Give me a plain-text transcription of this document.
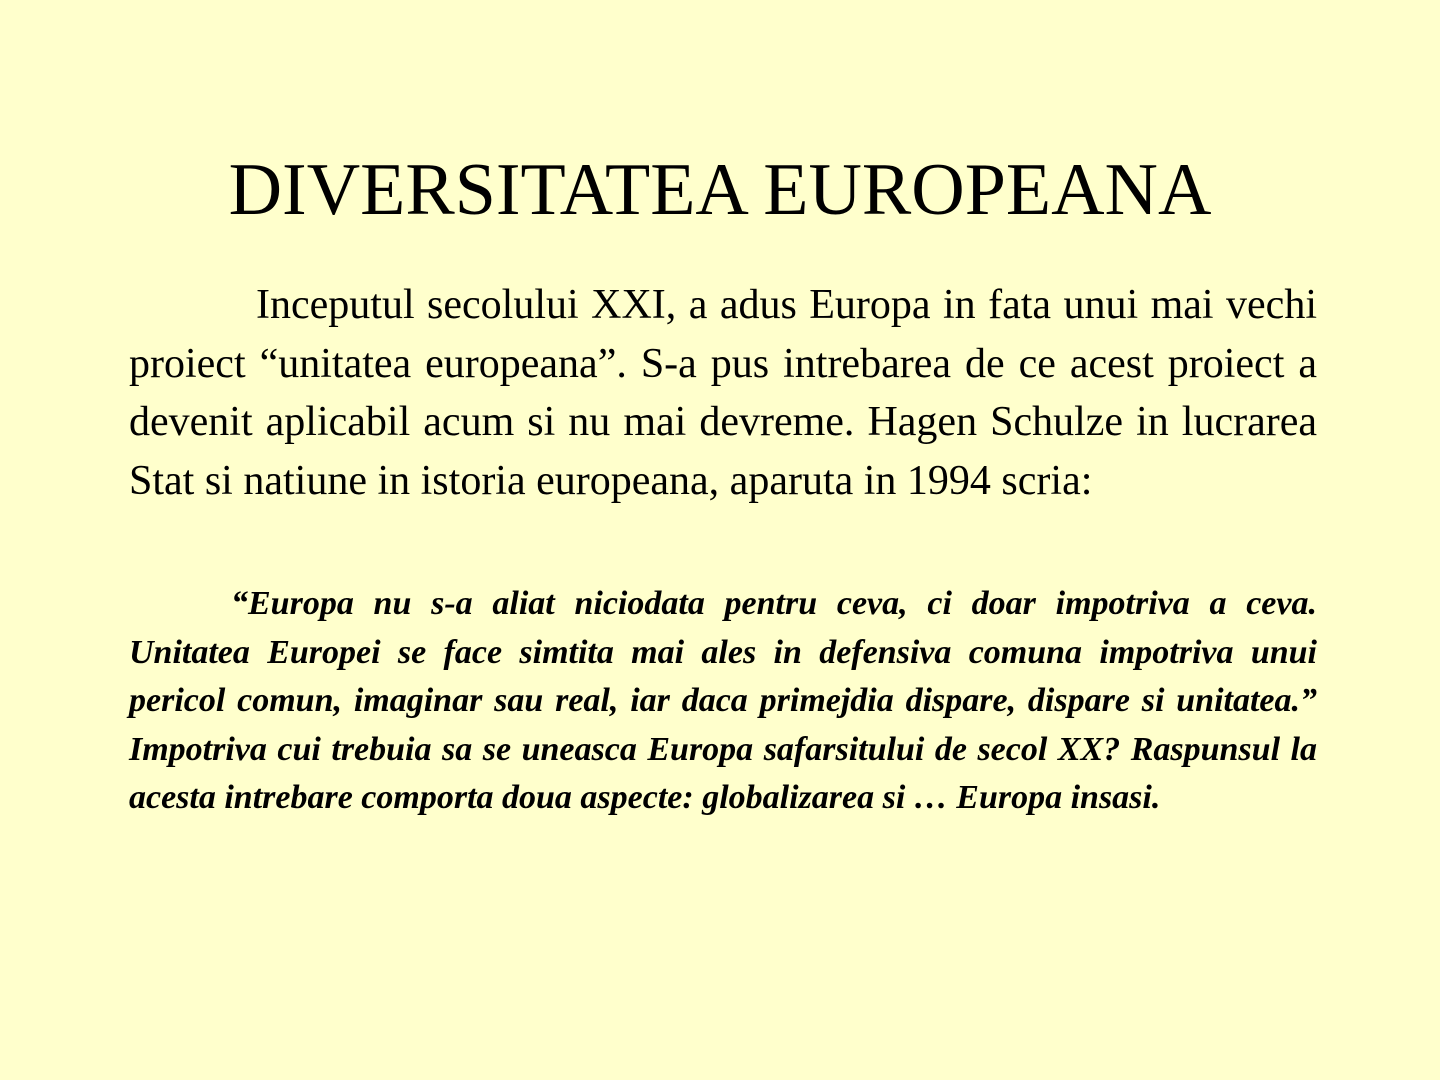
DIVERSITATEA EUROPEANA

Inceputul secolului XXI, a adus Europa in fata unui mai vechi proiect “unitatea europeana”. S-a pus intrebarea de ce acest proiect a devenit aplicabil acum si nu mai devreme. Hagen Schulze in lucrarea Stat si natiune in istoria europeana, aparuta in 1994 scria:

“Europa nu s-a aliat niciodata pentru ceva, ci doar impotriva a ceva. Unitatea Europei se face simtita mai ales in defensiva comuna impotriva unui pericol comun, imaginar sau real, iar daca primejdia dispare, dispare si unitatea.” Impotriva cui trebuia sa se uneasca Europa safarsitului de secol XX? Raspunsul la acesta intrebare comporta doua aspecte: globalizarea si … Europa insasi.
